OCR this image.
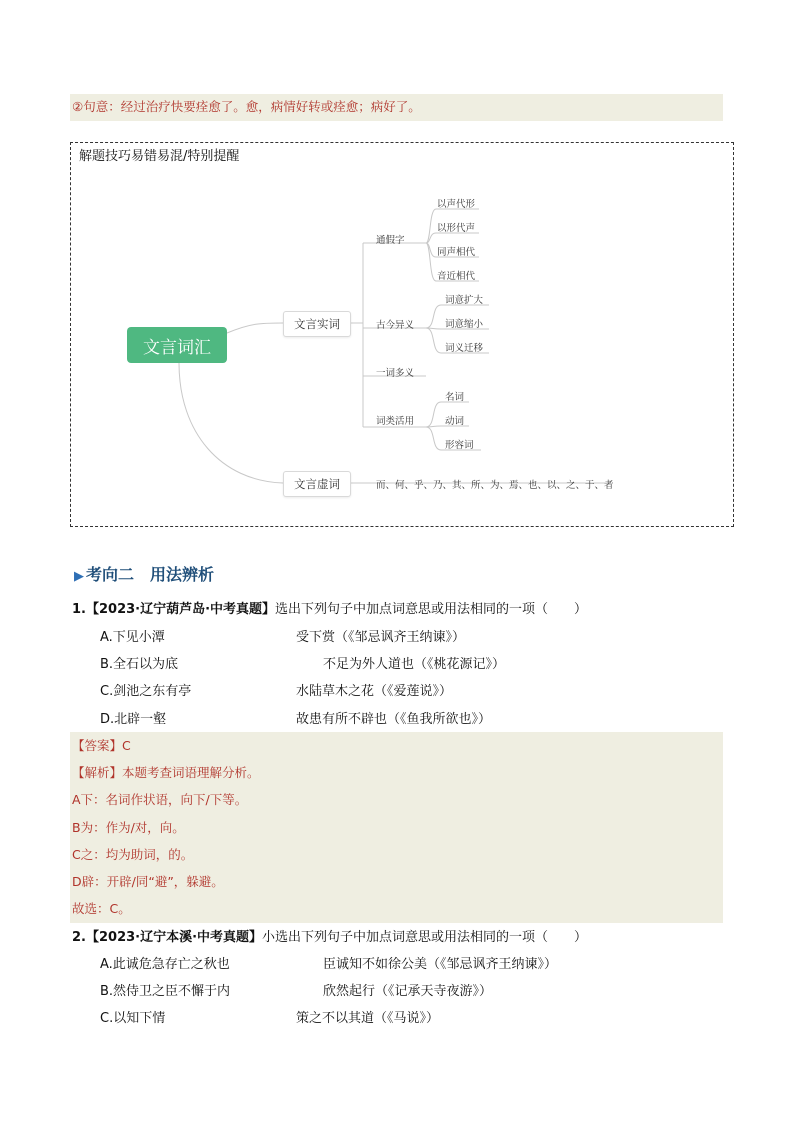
②句意：经过治疗快要痊愈了。愈，病情好转或痊愈；病好了。
解题技巧易错易混/特别提醒
文言词汇
文言实词
文言虚词
通假字
以声代形
以形代声
同声相代
音近相代
古今异义
词意扩大
词意缩小
词义迁移
一词多义
词类活用
名词
动词
形容词
而、何、乎、乃、其、所、为、焉、也、以、之、于、者
▶ 考向二　用法辨析
1.【2023·辽宁葫芦岛·中考真题】选出下列句子中加点词意思或用法相同的一项（　　）
A.下见小潭	受下赏（《邹忌讽齐王纳谏》）
B.全石以为底	不足为外人道也（《桃花源记》）
C.剑池之东有亭	水陆草木之花（《爱莲说》）
D.北辟一壑	故患有所不辟也（《鱼我所欲也》）
【答案】C
【解析】本题考查词语理解分析。
A下：名词作状语，向下/下等。
B为：作为/对，向。
C之：均为助词，的。
D辟：开辟/同“避”，躲避。
故选：C。
2.【2023·辽宁本溪·中考真题】小选出下列句子中加点词意思或用法相同的一项（　　）
A.此诚危急存亡之秋也	臣诚知不如徐公美（《邹忌讽齐王纳谏》）
B.然侍卫之臣不懈于内	欣然起行（《记承天寺夜游》）
C.以知下情	策之不以其道（《马说》）
